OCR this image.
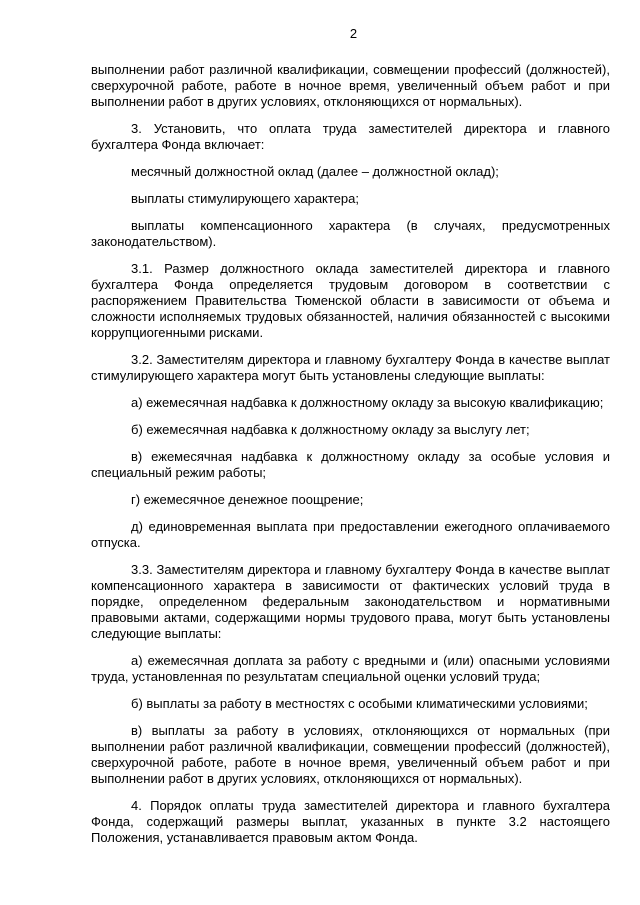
2

выполнении работ различной квалификации, совмещении профессий (должностей), сверхурочной работе, работе в ночное время, увеличенный объем работ и при выполнении работ в других условиях, отклоняющихся от нормальных).

3. Установить, что оплата труда заместителей директора и главного бухгалтера Фонда включает:

месячный должностной оклад (далее – должностной оклад);

выплаты стимулирующего характера;

выплаты компенсационного характера (в случаях, предусмотренных законодательством).

3.1. Размер должностного оклада заместителей директора и главного бухгалтера Фонда определяется трудовым договором в соответствии с распоряжением Правительства Тюменской области в зависимости от объема и сложности исполняемых трудовых обязанностей, наличия обязанностей с высокими коррупциогенными рисками.

3.2. Заместителям директора и главному бухгалтеру Фонда в качестве выплат стимулирующего характера могут быть установлены следующие выплаты:

а) ежемесячная надбавка к должностному окладу за высокую квалификацию;

б) ежемесячная надбавка к должностному окладу за выслугу лет;

в) ежемесячная надбавка к должностному окладу за особые условия и специальный режим работы;

г) ежемесячное денежное поощрение;

д) единовременная выплата при предоставлении ежегодного оплачиваемого отпуска.

3.3. Заместителям директора и главному бухгалтеру Фонда в качестве выплат компенсационного характера в зависимости от фактических условий труда в порядке, определенном федеральным законодательством и нормативными правовыми актами, содержащими нормы трудового права, могут быть установлены следующие выплаты:

а) ежемесячная доплата за работу с вредными и (или) опасными условиями труда, установленная по результатам специальной оценки условий труда;

б) выплаты за работу в местностях с особыми климатическими условиями;

в) выплаты за работу в условиях, отклоняющихся от нормальных (при выполнении работ различной квалификации, совмещении профессий (должностей), сверхурочной работе, работе в ночное время, увеличенный объем работ и при выполнении работ в других условиях, отклоняющихся от нормальных).

4. Порядок оплаты труда заместителей директора и главного бухгалтера Фонда, содержащий размеры выплат, указанных в пункте 3.2 настоящего Положения, устанавливается правовым актом Фонда.
